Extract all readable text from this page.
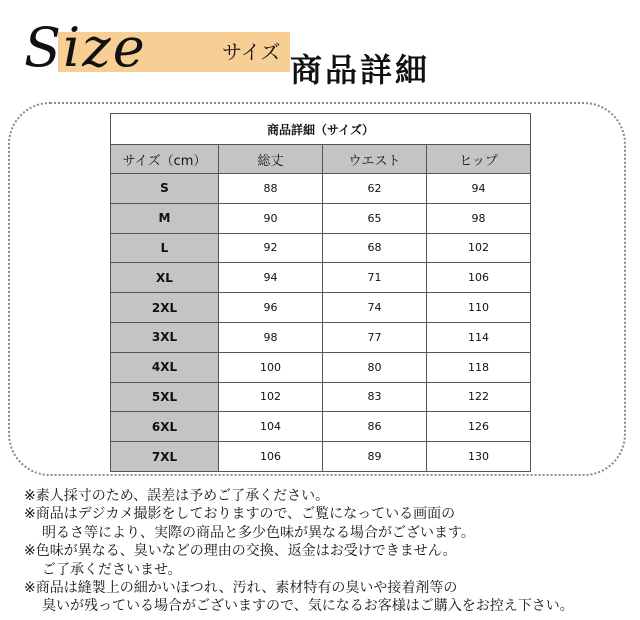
Size	サイズ 商品詳細
商品詳細（サイズ）			
サイズ（cm）	総丈	ウエスト	ヒップ
S	88	62	94
M	90	65	98
L	92	68	102
XL	94	71	106
2XL	96	74	110
3XL	98	77	114
4XL	100	80	118
5XL	102	83	122
6XL	104	86	126
7XL	106	89	130
※素人採寸のため、誤差は予めご了承ください。
※商品はデジカメ撮影をしておりますので、ご覧になっている画面の
明るさ等により、実際の商品と多少色味が異なる場合がございます。
※色味が異なる、臭いなどの理由の交換、返金はお受けできません。
ご了承くださいませ。
※商品は縫製上の細かいほつれ、汚れ、素材特有の臭いや接着剤等の
臭いが残っている場合がございますので、気になるお客様はご購入をお控え下さい。
